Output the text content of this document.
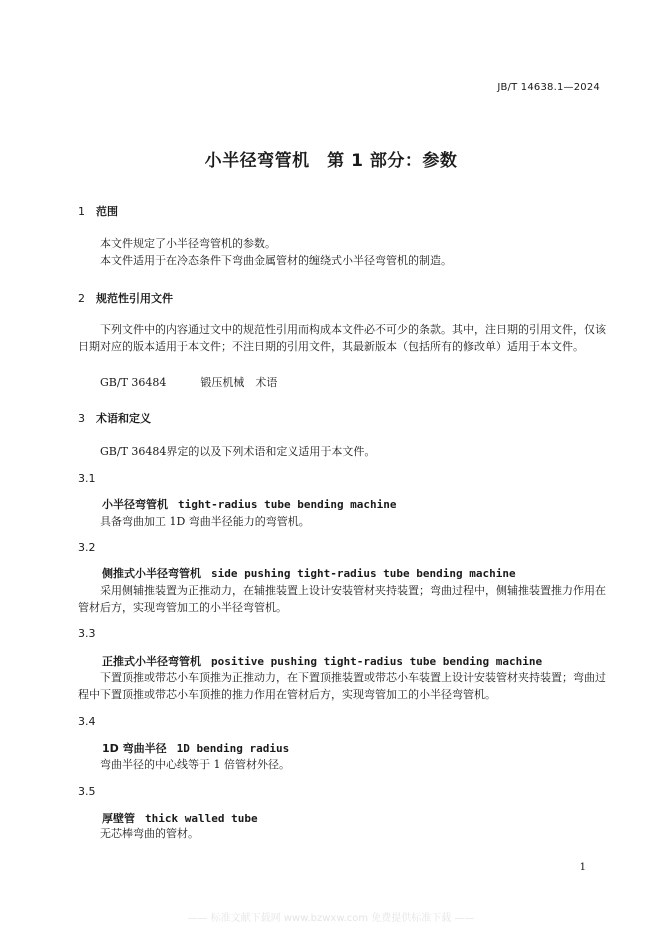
JB/T 14638.1—2024
小半径弯管机　第 1 部分：参数
1 范围
本文件规定了小半径弯管机的参数。
本文件适用于在冷态条件下弯曲金属管材的缠绕式小半径弯管机的制造。
2 规范性引用文件
下列文件中的内容通过文中的规范性引用而构成本文件必不可少的条款。其中，注日期的引用文件，仅该日期对应的版本适用于本文件；不注日期的引用文件，其最新版本（包括所有的修改单）适用于本文件。
GB/T 36484	锻压机械　术语
3 术语和定义
GB/T 36484界定的以及下列术语和定义适用于本文件。
3.1
小半径弯管机 tight-radius tube bending machine
具备弯曲加工 1D 弯曲半径能力的弯管机。
3.2
侧推式小半径弯管机 side pushing tight-radius tube bending machine
采用侧辅推装置为正推动力，在辅推装置上设计安装管材夹持装置；弯曲过程中，侧辅推装置推力作用在管材后方，实现弯管加工的小半径弯管机。
3.3
正推式小半径弯管机 positive pushing tight-radius tube bending machine
下置顶推或带芯小车顶推为正推动力，在下置顶推装置或带芯小车装置上设计安装管材夹持装置；弯曲过程中下置顶推或带芯小车顶推的推力作用在管材后方，实现弯管加工的小半径弯管机。
3.4
1D 弯曲半径 1D bending radius
弯曲半径的中心线等于 1 倍管材外径。
3.5
厚壁管 thick walled tube
无芯棒弯曲的管材。
1
—— 标准文献下载网 www.bzwxw.com 免费提供标准下载 ——
